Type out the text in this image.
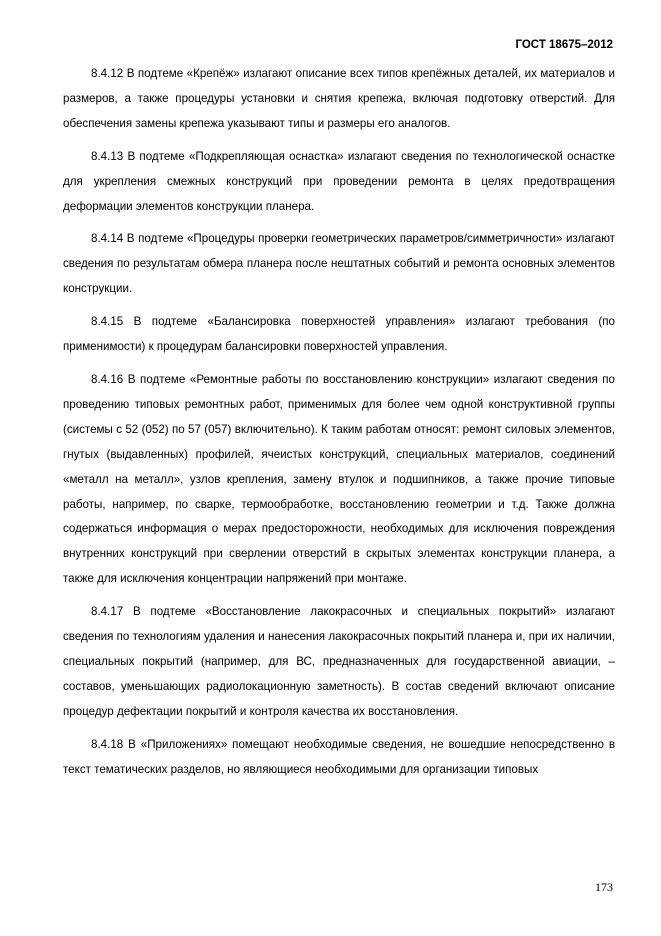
ГОСТ 18675–2012

8.4.12 В подтеме «Крепёж» излагают описание всех типов крепёжных деталей, их материалов и размеров, а также процедуры установки и снятия крепежа, включая подготовку отверстий. Для обеспечения замены крепежа указывают типы и размеры его аналогов.

8.4.13 В подтеме «Подкрепляющая оснастка» излагают сведения по технологической оснастке для укрепления смежных конструкций при проведении ремонта в целях предотвращения деформации элементов конструкции планера.

8.4.14 В подтеме «Процедуры проверки геометрических параметров/симметричности» излагают сведения по результатам обмера планера после нештатных событий и ремонта основных элементов конструкции.

8.4.15 В подтеме «Балансировка поверхностей управления» излагают требования (по применимости) к процедурам балансировки поверхностей управления.

8.4.16 В подтеме «Ремонтные работы по восстановлению конструкции» излагают сведения по проведению типовых ремонтных работ, применимых для более чем одной конструктивной группы (системы с 52 (052) по 57 (057) включительно). К таким работам относят: ремонт силовых элементов, гнутых (выдавленных) профилей, ячеистых конструкций, специальных материалов, соединений «металл на металл», узлов крепления, замену втулок и подшипников, а также прочие типовые работы, например, по сварке, термообработке, восстановлению геометрии и т.д. Также должна содержаться информация о мерах предосторожности, необходимых для исключения повреждения внутренних конструкций при сверлении отверстий в скрытых элементах конструкции планера, а также для исключения концентрации напряжений при монтаже.

8.4.17 В подтеме «Восстановление лакокрасочных и специальных покрытий» излагают сведения по технологиям удаления и нанесения лакокрасочных покрытий планера и, при их наличии, специальных покрытий (например, для ВС, предназначенных для государственной авиации, – составов, уменьшающих радиолокационную заметность). В состав сведений включают описание процедур дефектации покрытий и контроля качества их восстановления.

8.4.18 В «Приложениях» помещают необходимые сведения, не вошедшие непосредственно в текст тематических разделов, но являющиеся необходимыми для организации типовых

173
